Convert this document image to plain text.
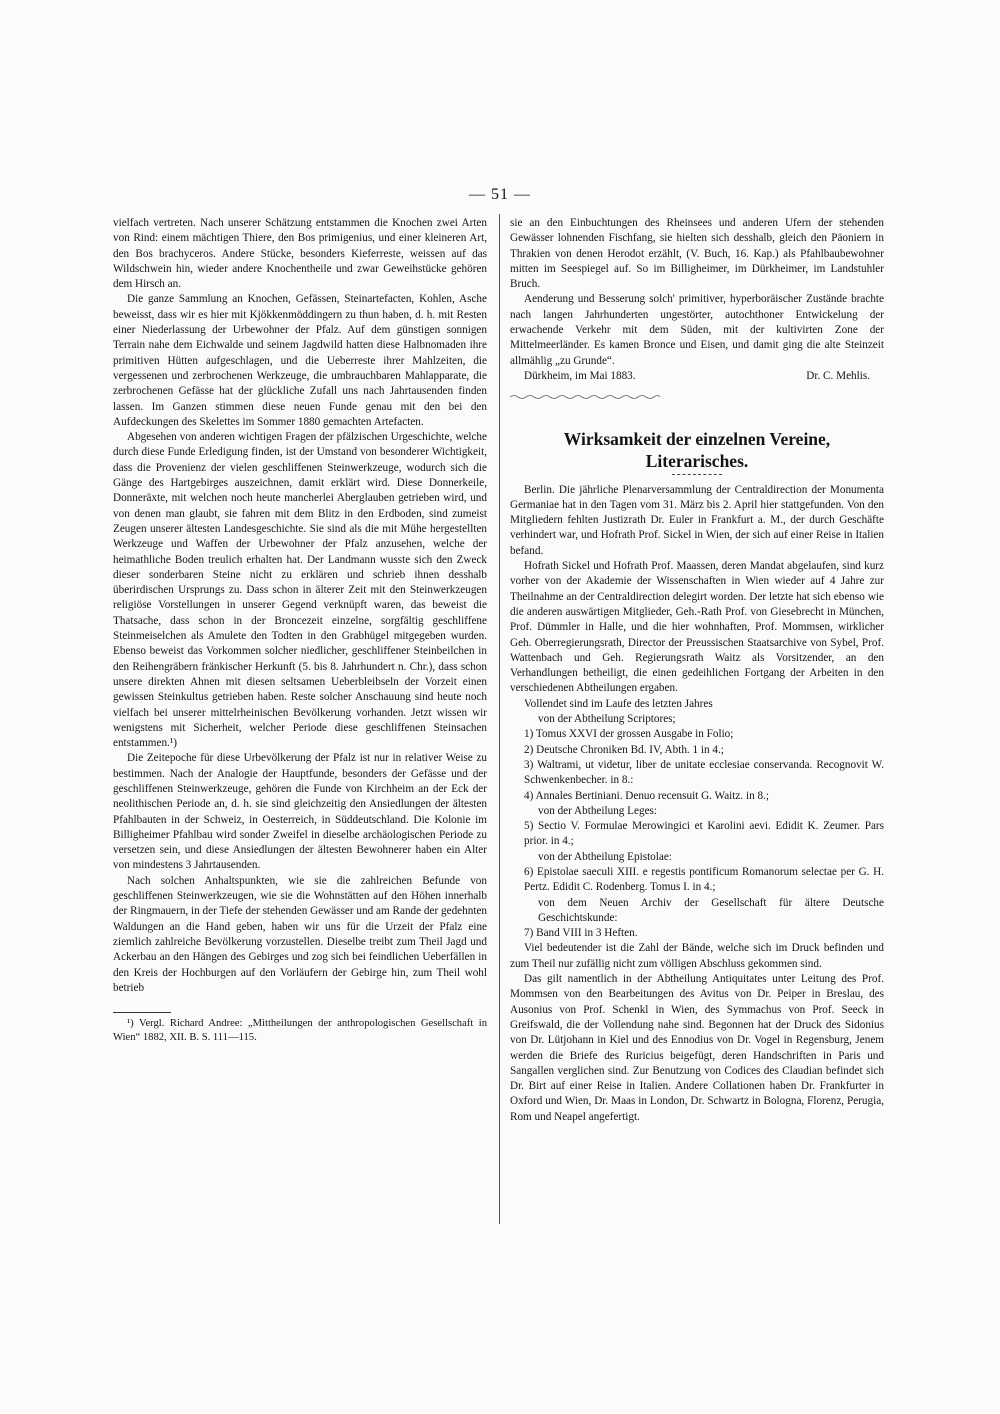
— 51 —

vielfach vertreten. Nach unserer Schätzung entstammen die Knochen zwei Arten von Rind: einem mächtigen Thiere, den Bos primigenius, und einer kleineren Art, den Bos brachyceros. Andere Stücke, besonders Kieferreste, weissen auf das Wildschwein hin, wieder andere Knochentheile und zwar Geweihstücke gehören dem Hirsch an.

Die ganze Sammlung an Knochen, Gefässen, Steinartefacten, Kohlen, Asche beweisst, dass wir es hier mit Kjökkenmöddingern zu thun haben, d. h. mit Resten einer Niederlassung der Urbewohner der Pfalz. Auf dem günstigen sonnigen Terrain nahe dem Eichwalde und seinem Jagdwild hatten diese Halbnomaden ihre primitiven Hütten aufgeschlagen, und die Ueberreste ihrer Mahlzeiten, die vergessenen und zerbrochenen Werkzeuge, die umbrauchbaren Mahlapparate, die zerbrochenen Gefässe hat der glückliche Zufall uns nach Jahrtausenden finden lassen. Im Ganzen stimmen diese neuen Funde genau mit den bei den Aufdeckungen des Skelettes im Sommer 1880 gemachten Artefacten.

Abgesehen von anderen wichtigen Fragen der pfälzischen Urgeschichte, welche durch diese Funde Erledigung finden, ist der Umstand von besonderer Wichtigkeit, dass die Provenienz der vielen geschliffenen Steinwerkzeuge, wodurch sich die Gänge des Hartgebirges auszeichnen, damit erklärt wird. Diese Donnerkeile, Donneräxte, mit welchen noch heute mancherlei Aberglauben getrieben wird, und von denen man glaubt, sie fahren mit dem Blitz in den Erdboden, sind zumeist Zeugen unserer ältesten Landesgeschichte. Sie sind als die mit Mühe hergestellten Werkzeuge und Waffen der Urbewohner der Pfalz anzusehen, welche der heimathliche Boden treulich erhalten hat. Der Landmann wusste sich den Zweck dieser sonderbaren Steine nicht zu erklären und schrieb ihnen desshalb überirdischen Ursprungs zu. Dass schon in älterer Zeit mit den Steinwerkzeugen religiöse Vorstellungen in unserer Gegend verknüpft waren, das beweist die Thatsache, dass schon in der Broncezeit einzelne, sorgfältig geschliffene Steinmeiselchen als Amulete den Todten in den Grabhügel mitgegeben wurden. Ebenso beweist das Vorkommen solcher niedlicher, geschliffener Steinbeilchen in den Reihengräbern fränkischer Herkunft (5. bis 8. Jahrhundert n. Chr.), dass schon unsere direkten Ahnen mit diesen seltsamen Ueberbleibseln der Vorzeit einen gewissen Steinkultus getrieben haben. Reste solcher Anschauung sind heute noch vielfach bei unserer mittelrheinischen Bevölkerung vorhanden. Jetzt wissen wir wenigstens mit Sicherheit, welcher Periode diese geschliffenen Steinsachen entstammen.¹)

Die Zeitepoche für diese Urbevölkerung der Pfalz ist nur in relativer Weise zu bestimmen. Nach der Analogie der Hauptfunde, besonders der Gefässe und der geschliffenen Steinwerkzeuge, gehören die Funde von Kirchheim an der Eck der neolithischen Periode an, d. h. sie sind gleichzeitig den Ansiedlungen der ältesten Pfahlbauten in der Schweiz, in Oesterreich, in Süddeutschland. Die Kolonie im Billigheimer Pfahlbau wird sonder Zweifel in dieselbe archäologischen Periode zu versetzen sein, und diese Ansiedlungen der ältesten Bewohnerer haben ein Alter von mindestens 3 Jahrtausenden.

Nach solchen Anhaltspunkten, wie sie die zahlreichen Befunde von geschliffenen Steinwerkzeugen, wie sie die Wohnstätten auf den Höhen innerhalb der Ringmauern, in der Tiefe der stehenden Gewässer und am Rande der gedehnten Waldungen an die Hand geben, haben wir uns für die Urzeit der Pfalz eine ziemlich zahlreiche Bevölkerung vorzustellen. Dieselbe treibt zum Theil Jagd und Ackerbau an den Hängen des Gebirges und zog sich bei feindlichen Ueberfällen in den Kreis der Hochburgen auf den Vorläufern der Gebirge hin, zum Theil wohl betrieb

¹) Vergl. Richard Andree: „Mittheilungen der anthropologischen Gesellschaft in Wien“ 1882, XII. B. S. 111—115.

sie an den Einbuchtungen des Rheinsees und anderen Ufern der stehenden Gewässer lohnenden Fischfang, sie hielten sich desshalb, gleich den Päoniern in Thrakien von denen Herodot erzählt, (V. Buch, 16. Kap.) als Pfahlbaubewohner mitten im Seespiegel auf. So im Billigheimer, im Dürkheimer, im Landstuhler Bruch.

Aenderung und Besserung solch' primitiver, hyperboräischer Zustände brachte nach langen Jahrhunderten ungestörter, autochthoner Entwickelung der erwachende Verkehr mit dem Süden, mit der kultivirten Zone der Mittelmeerländer. Es kamen Bronce und Eisen, und damit ging die alte Steinzeit allmählig „zu Grunde“.

Dürkheim, im Mai 1883.	Dr. C. Mehlis.
Wirksamkeit der einzelnen Vereine,
Literarisches.

Berlin. Die jährliche Plenarversammlung der Centraldirection der Monumenta Germaniae hat in den Tagen vom 31. März bis 2. April hier stattgefunden. Von den Mitgliedern fehlten Justizrath Dr. Euler in Frankfurt a. M., der durch Geschäfte verhindert war, und Hofrath Prof. Sickel in Wien, der sich auf einer Reise in Italien befand.

Hofrath Sickel und Hofrath Prof. Maassen, deren Mandat abgelaufen, sind kurz vorher von der Akademie der Wissenschaften in Wien wieder auf 4 Jahre zur Theilnahme an der Centraldirection delegirt worden. Der letzte hat sich ebenso wie die anderen auswärtigen Mitglieder, Geh.-Rath Prof. von Giesebrecht in München, Prof. Dümmler in Halle, und die hier wohnhaften, Prof. Mommsen, wirklicher Geh. Oberregierungsrath, Director der Preussischen Staatsarchive von Sybel, Prof. Wattenbach und Geh. Regierungsrath Waitz als Vorsitzender, an den Verhandlungen betheiligt, die einen gedeihlichen Fortgang der Arbeiten in den verschiedenen Abtheilungen ergaben.

Vollendet sind im Laufe des letzten Jahres

von der Abtheilung Scriptores;

1) Tomus XXVI der grossen Ausgabe in Folio;

2) Deutsche Chroniken Bd. IV, Abth. 1 in 4.;

3) Waltrami, ut videtur, liber de unitate ecclesiae conservanda. Recognovit W. Schwenkenbecher. in 8.:

4) Annales Bertiniani. Denuo recensuit G. Waitz. in 8.;

von der Abtheilung Leges:

5) Sectio V. Formulae Merowingici et Karolini aevi. Edidit K. Zeumer. Pars prior. in 4.;

von der Abtheilung Epistolae:

6) Epistolae saeculi XIII. e regestis pontificum Romanorum selectae per G. H. Pertz. Edidit C. Rodenberg. Tomus I. in 4.;

von dem Neuen Archiv der Gesellschaft für ältere Deutsche Geschichtskunde:

7) Band VIII in 3 Heften.

Viel bedeutender ist die Zahl der Bände, welche sich im Druck befinden und zum Theil nur zufällig nicht zum völligen Abschluss gekommen sind.

Das gilt namentlich in der Abtheilung Antiquitates unter Leitung des Prof. Mommsen von den Bearbeitungen des Avitus von Dr. Peiper in Breslau, des Ausonius von Prof. Schenkl in Wien, des Symmachus von Prof. Seeck in Greifswald, die der Vollendung nahe sind. Begonnen hat der Druck des Sidonius von Dr. Lütjohann in Kiel und des Ennodius von Dr. Vogel in Regensburg, Jenem werden die Briefe des Ruricius beigefügt, deren Handschriften in Paris und Sangallen verglichen sind. Zur Benutzung von Codices des Claudian befindet sich Dr. Birt auf einer Reise in Italien. Andere Collationen haben Dr. Frankfurter in Oxford und Wien, Dr. Maas in London, Dr. Schwartz in Bologna, Florenz, Perugia, Rom und Neapel angefertigt.
